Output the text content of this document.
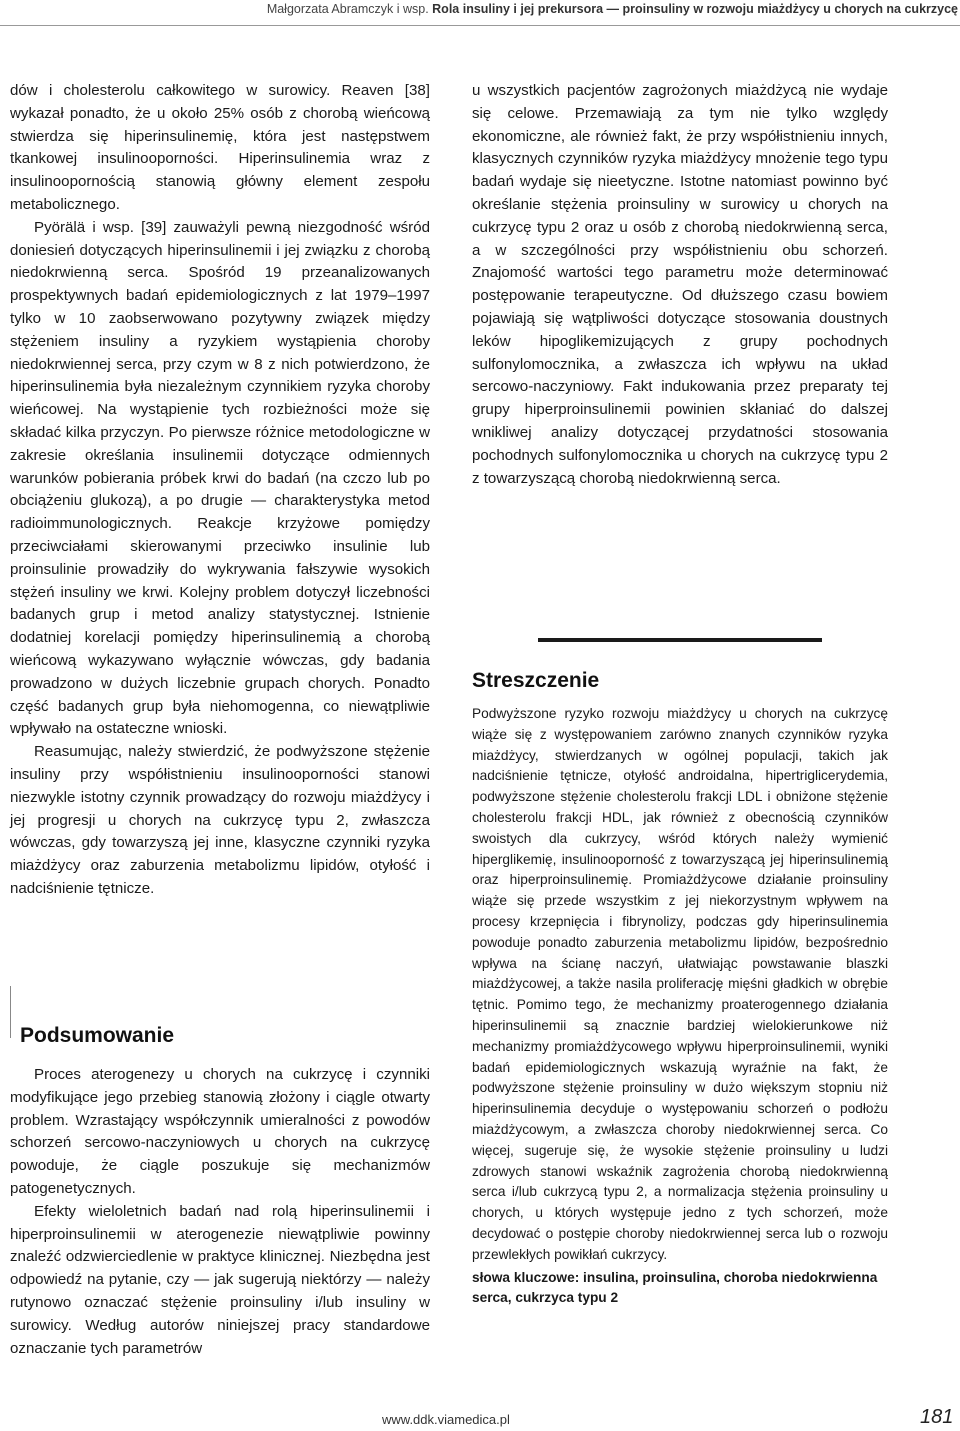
Małgorzata Abramczyk i wsp. Rola insuliny i jej prekursora — proinsuliny w rozwoju miażdżycy u chorych na cukrzycę

dów i cholesterolu całkowitego w surowicy. Reaven [38] wykazał ponadto, że u około 25% osób z chorobą wieńcową stwierdza się hiperinsulinemię, która jest następstwem tkankowej insulinooporności. Hiperinsulinemia wraz z insulinoopornością stanowią główny element zespołu metabolicznego.

Pyörälä i wsp. [39] zauważyli pewną niezgodność wśród doniesień dotyczących hiperinsulinemii i jej związku z chorobą niedokrwienną serca. Spośród 19 przeanalizowanych prospektywnych badań epidemiologicznych z lat 1979–1997 tylko w 10 zaobserwowano pozytywny związek między stężeniem insuliny a ryzykiem wystąpienia choroby niedokrwiennej serca, przy czym w 8 z nich potwierdzono, że hiperinsulinemia była niezależnym czynnikiem ryzyka choroby wieńcowej. Na wystąpienie tych rozbieżności może się składać kilka przyczyn. Po pierwsze różnice metodologiczne w zakresie określania insulinemii dotyczące odmiennych warunków pobierania próbek krwi do badań (na czczo lub po obciążeniu glukozą), a po drugie — charakterystyka metod radioimmunologicznych. Reakcje krzyżowe pomiędzy przeciwciałami skierowanymi przeciwko insulinie lub proinsulinie prowadziły do wykrywania fałszywie wysokich stężeń insuliny we krwi. Kolejny problem dotyczył liczebności badanych grup i metod analizy statystycznej. Istnienie dodatniej korelacji pomiędzy hiperinsulinemią a chorobą wieńcową wykazywano wyłącznie wówczas, gdy badania prowadzono w dużych liczebnie grupach chorych. Ponadto część badanych grup była niehomogenna, co niewątpliwie wpływało na ostateczne wnioski.

Reasumując, należy stwierdzić, że podwyższone stężenie insuliny przy współistnieniu insulinooporności stanowi niezwykle istotny czynnik prowadzący do rozwoju miażdżycy i jej progresji u chorych na cukrzycę typu 2, zwłaszcza wówczas, gdy towarzyszą jej inne, klasyczne czynniki ryzyka miażdżycy oraz zaburzenia metabolizmu lipidów, otyłość i nadciśnienie tętnicze.

Podsumowanie

Proces aterogenezy u chorych na cukrzycę i czynniki modyfikujące jego przebieg stanowią złożony i ciągle otwarty problem. Wzrastający współczynnik umieralności z powodów schorzeń sercowo-naczyniowych u chorych na cukrzycę powoduje, że ciągle poszukuje się mechanizmów patogenetycznych.

Efekty wieloletnich badań nad rolą hiperinsulinemii i hiperproinsulinemii w aterogenezie niewątpliwie powinny znaleźć odzwierciedlenie w praktyce klinicznej. Niezbędna jest odpowiedź na pytanie, czy — jak sugerują niektórzy — należy rutynowo oznaczać stężenie proinsuliny i/lub insuliny w surowicy. Według autorów niniejszej pracy standardowe oznaczanie tych parametrów

u wszystkich pacjentów zagrożonych miażdżycą nie wydaje się celowe. Przemawiają za tym nie tylko względy ekonomiczne, ale również fakt, że przy współistnieniu innych, klasycznych czynników ryzyka miażdżycy mnożenie tego typu badań wydaje się nieetyczne. Istotne natomiast powinno być określanie stężenia proinsuliny w surowicy u chorych na cukrzycę typu 2 oraz u osób z chorobą niedokrwienną serca, a w szczególności przy współistnieniu obu schorzeń. Znajomość wartości tego parametru może determinować postępowanie terapeutyczne. Od dłuższego czasu bowiem pojawiają się wątpliwości dotyczące stosowania doustnych leków hipoglikemizujących z grupy pochodnych sulfonylomocznika, a zwłaszcza ich wpływu na układ sercowo-naczyniowy. Fakt indukowania przez preparaty tej grupy hiperproinsulinemii powinien skłaniać do dalszej wnikliwej analizy dotyczącej przydatności stosowania pochodnych sulfonylomocznika u chorych na cukrzycę typu 2 z towarzyszącą chorobą niedokrwienną serca.

Streszczenie

Podwyższone ryzyko rozwoju miażdżycy u chorych na cukrzycę wiąże się z występowaniem zarówno znanych czynników ryzyka miażdżycy, stwierdzanych w ogólnej populacji, takich jak nadciśnienie tętnicze, otyłość androidalna, hipertriglicerydemia, podwyższone stężenie cholesterolu frakcji LDL i obniżone stężenie cholesterolu frakcji HDL, jak również z obecnością czynników swoistych dla cukrzycy, wśród których należy wymienić hiperglikemię, insulinooporność z towarzyszącą jej hiperinsulinemią oraz hiperproinsulinemię. Promiażdżycowe działanie proinsuliny wiąże się przede wszystkim z jej niekorzystnym wpływem na procesy krzepnięcia i fibrynolizy, podczas gdy hiperinsulinemia powoduje ponadto zaburzenia metabolizmu lipidów, bezpośrednio wpływa na ścianę naczyń, ułatwiając powstawanie blaszki miażdżycowej, a także nasila proliferację mięśni gładkich w obrębie tętnic. Pomimo tego, że mechanizmy proaterogennego działania hiperinsulinemii są znacznie bardziej wielokierunkowe niż mechanizmy promiażdżycowego wpływu hiperproinsulinemii, wyniki badań epidemiologicznych wskazują wyraźnie na fakt, że podwyższone stężenie proinsuliny w dużo większym stopniu niż hiperinsulinemia decyduje o występowaniu schorzeń o podłożu miażdżycowym, a zwłaszcza choroby niedokrwiennej serca. Co więcej, sugeruje się, że wysokie stężenie proinsuliny u ludzi zdrowych stanowi wskaźnik zagrożenia chorobą niedokrwienną serca i/lub cukrzycą typu 2, a normalizacja stężenia proinsuliny u chorych, u których występuje jedno z tych schorzeń, może decydować o postępie choroby niedokrwiennej serca lub o rozwoju przewlekłych powikłań cukrzycy.

słowa kluczowe: insulina, proinsulina, choroba niedokrwienna serca, cukrzyca typu 2

www.ddk.viamedica.pl	181
